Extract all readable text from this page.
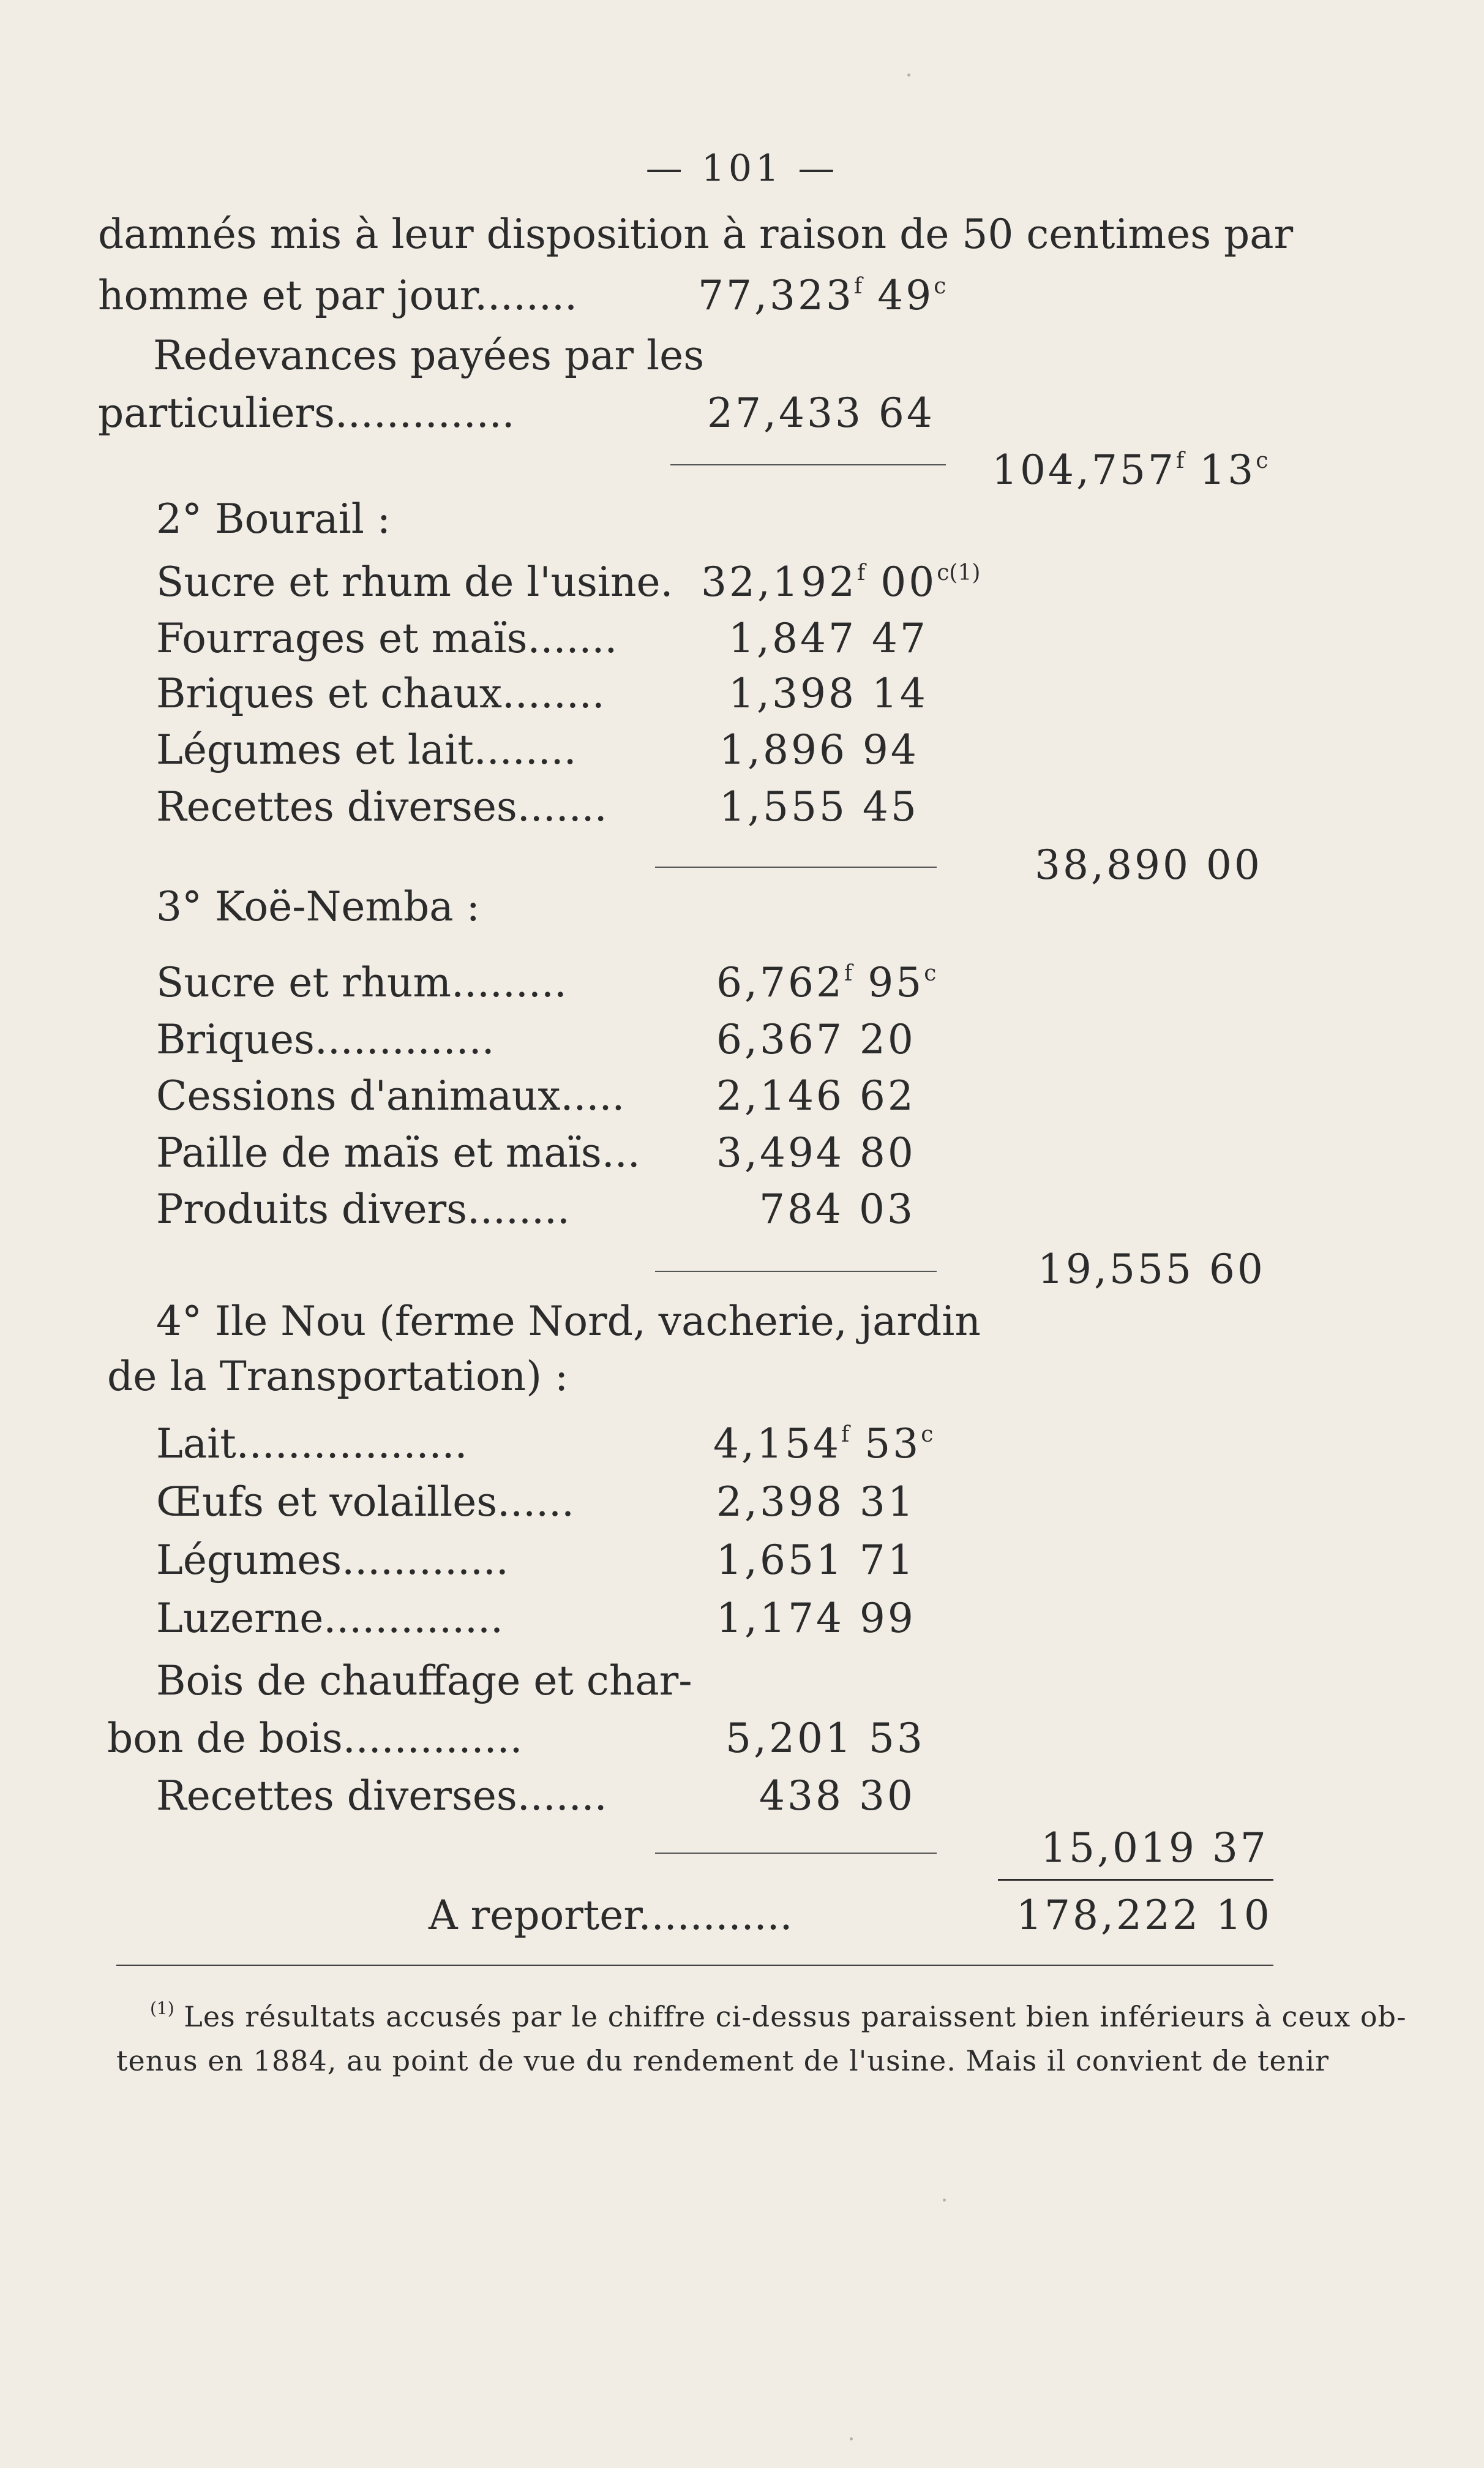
— 101 —
damnés mis à leur disposition à raison de 50 centimes par
homme et par jour........	77,323$^f$ 49$^c$
Redevances payées par les
particuliers..............	27,433 64
104,757$^f$ 13$^c$
2° Bourail :
Sucre et rhum de l'usine. 32,192$^f$ $00^{c(1)}$
Fourrages et maïs.......	1,847 47
Briques et chaux........	1,398 14
Légumes et lait........	1,896 94
Recettes diverses.......	1,555 45
38,890 00
3° Koë-Nemba :
Sucre et rhum.........	6,762$^f$ 95$^c$
Briques..............	6,367 20
Cessions d'animaux..... 2,146 62
Paille de maïs et maïs... 3,494 80
Produits divers........	784 03
19,555 60
4° Ile Nou (ferme Nord, vacherie, jardin
de la Transportation) :
Lait..................	4,154$^f$ 53$^c$
Œufs et volailles......	2,398 31
Légumes.............	1,651 71
Luzerne..............	1,174 99
Bois de chauffage et char-
bon de bois..............	5,201 53
Recettes diverses.......	438 30
15,019 37
A reporter............	178,222 10
$^{(1)}$ Les résultats accusés par le chiffre ci-dessus paraissent bien inférieurs à ceux ob-
tenus en 1884, au point de vue du rendement de l'usine. Mais il convient de tenir
